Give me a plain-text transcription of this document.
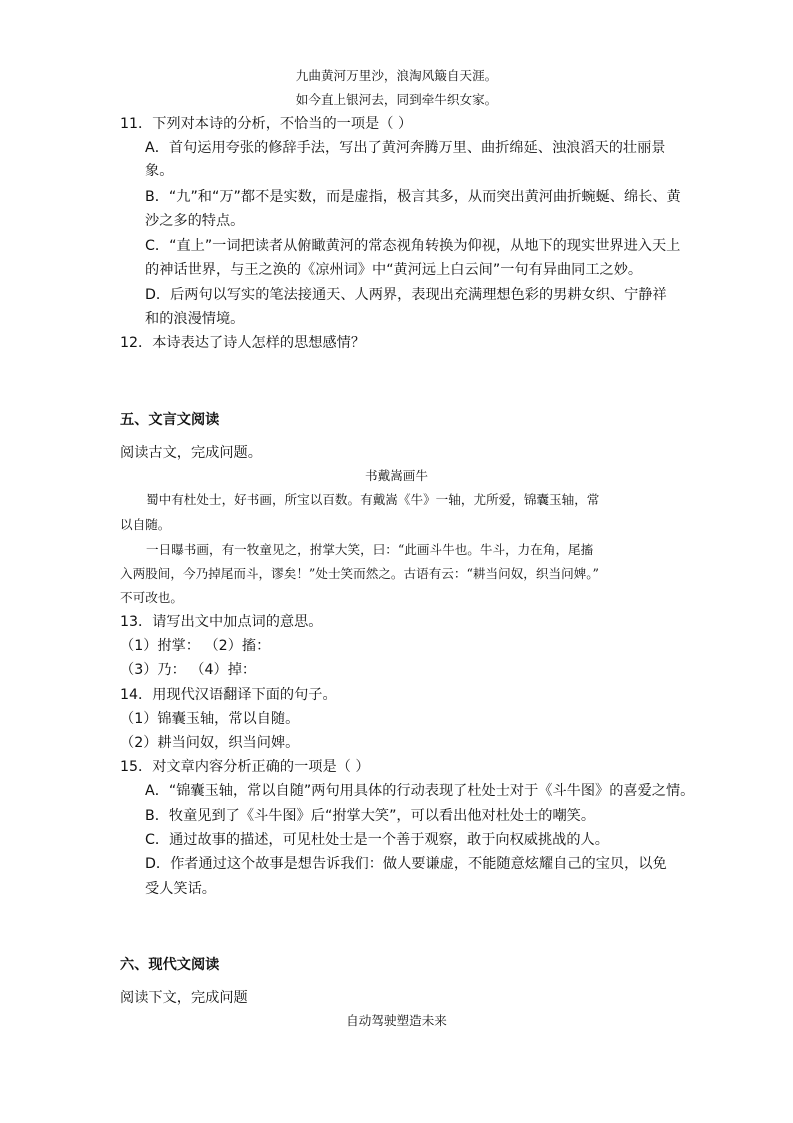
九曲黄河万里沙，浪淘风簸自天涯。
如今直上银河去，同到牵牛织女家。
11．下列对本诗的分析，不恰当的一项是（ ）
A．首句运用夸张的修辞手法，写出了黄河奔腾万里、曲折绵延、浊浪滔天的壮丽景
象。
B．“九”和“万”都不是实数，而是虚指，极言其多，从而突出黄河曲折蜿蜒、绵长、黄
沙之多的特点。
C．“直上”一词把读者从俯瞰黄河的常态视角转换为仰视，从地下的现实世界进入天上
的神话世界，与王之涣的《凉州词》中“黄河远上白云间”一句有异曲同工之妙。
D．后两句以写实的笔法接通天、人两界，表现出充满理想色彩的男耕女织、宁静祥
和的浪漫情境。
12．本诗表达了诗人怎样的思想感情？
五、文言文阅读
阅读古文，完成问题。
书戴嵩画牛
蜀中有杜处士，好书画，所宝以百数。有戴嵩《牛》一轴，尤所爱，锦囊玉轴，常
以自随。
一日曝书画，有一牧童见之，拊掌大笑，曰：“此画斗牛也。牛斗，力在角，尾搐
入两股间，今乃掉尾而斗，谬矣！”处士笑而然之。古语有云：“耕当问奴，织当问婢。”
不可改也。
13．请写出文中加点词的意思。
（1）拊掌： （2）搐：
（3）乃： （4）掉：
14．用现代汉语翻译下面的句子。
（1）锦囊玉轴，常以自随。
（2）耕当问奴，织当问婢。
15．对文章内容分析正确的一项是（ ）
A．“锦囊玉轴，常以自随”两句用具体的行动表现了杜处士对于《斗牛图》的喜爱之情。
B．牧童见到了《斗牛图》后“拊掌大笑”，可以看出他对杜处士的嘲笑。
C．通过故事的描述，可见杜处士是一个善于观察，敢于向权威挑战的人。
D．作者通过这个故事是想告诉我们：做人要谦虚，不能随意炫耀自己的宝贝，以免
受人笑话。
六、现代文阅读
阅读下文，完成问题
自动驾驶塑造未来
